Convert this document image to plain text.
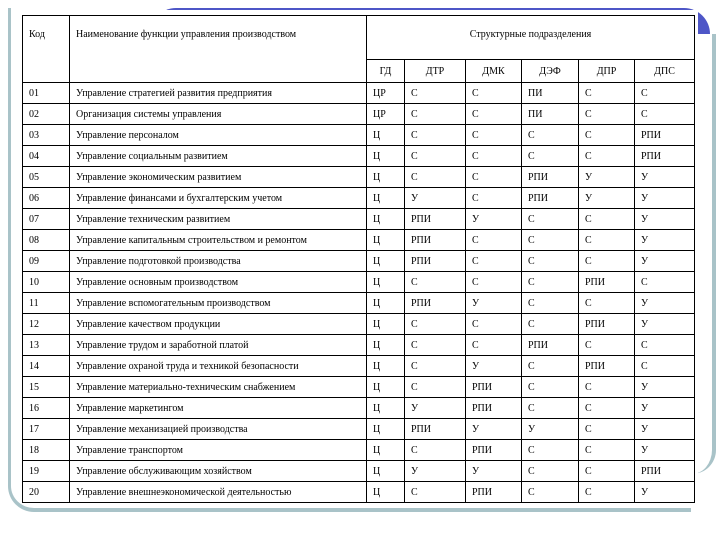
Код	Наименование функции управления производством	Структурные подразделения					
		ГД	ДТР	ДМК	ДЭФ	ДПР	ДПС
01	Управление стратегией развития предприятия	ЦР	С	С	ПИ	С	С
02	Организация системы управления	ЦР	С	С	ПИ	С	С
03	Управление персоналом	Ц	С	С	С	С	РПИ
04	Управление социальным развитием	Ц	С	С	С	С	РПИ
05	Управление экономическим развитием	Ц	С	С	РПИ	У	У
06	Управление финансами и бухгалтерским учетом	Ц	У	С	РПИ	У	У
07	Управление техническим развитием	Ц	РПИ	У	С	С	У
08	Управление капитальным строительством и ремонтом	Ц	РПИ	С	С	С	У
09	Управление подготовкой производства	Ц	РПИ	С	С	С	У
10	Управление основным производством	Ц	С	С	С	РПИ	С
11	Управление вспомогательным производством	Ц	РПИ	У	С	С	У
12	Управление качеством продукции	Ц	С	С	С	РПИ	У
13	Управление трудом и заработной платой	Ц	С	С	РПИ	С	С
14	Управление охраной труда и техникой безопасности	Ц	С	У	С	РПИ	С
15	Управление материально-техническим снабжением	Ц	С	РПИ	С	С	У
16	Управление маркетингом	Ц	У	РПИ	С	С	У
17	Управление механизацией производства	Ц	РПИ	У	У	С	У
18	Управление транспортом	Ц	С	РПИ	С	С	У
19	Управление обслуживающим хозяйством	Ц	У	У	С	С	РПИ
20	Управление внешнеэкономической деятельностью	Ц	С	РПИ	С	С	У
